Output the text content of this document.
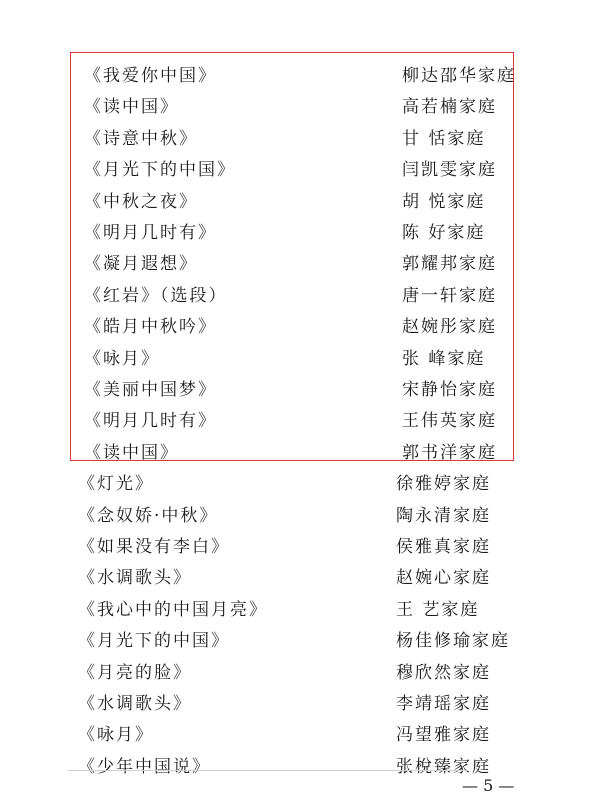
《我爱你中国》	柳达邵华家庭
《读中国》	高若楠家庭
《诗意中秋》	甘 恬家庭
《月光下的中国》	闫凯雯家庭
《中秋之夜》	胡 悦家庭
《明月几时有》	陈 好家庭
《凝月遐想》	郭耀邦家庭
《红岩》（选段）	唐一轩家庭
《皓月中秋吟》	赵婉彤家庭
《咏月》	张 峰家庭
《美丽中国梦》	宋静怡家庭
《明月几时有》	王伟英家庭
《读中国》	郭书洋家庭
《灯光》	徐雅婷家庭
《念奴娇·中秋》	陶永清家庭
《如果没有李白》	侯雅真家庭
《水调歌头》	赵婉心家庭
《我心中的中国月亮》	王 艺家庭
《月光下的中国》	杨佳修瑜家庭
《月亮的脸》	穆欣然家庭
《水调歌头》	李靖瑶家庭
《咏月》	冯望雅家庭
《少年中国说》	张梲臻家庭
— 5 —
